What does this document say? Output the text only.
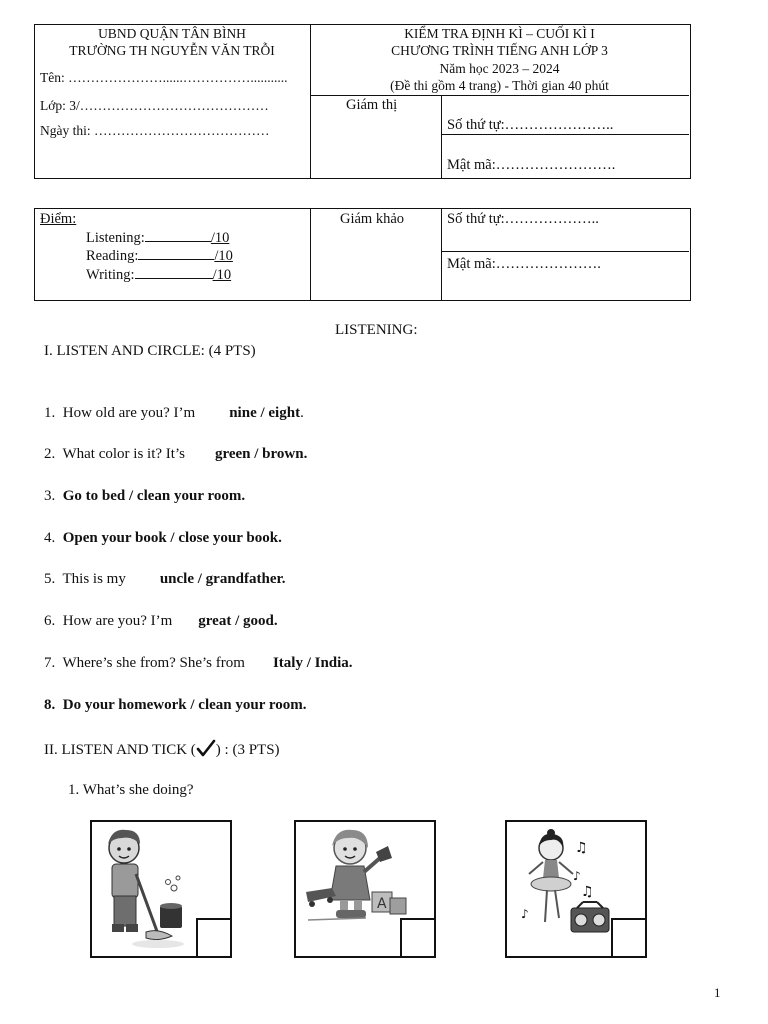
UBND QUẬN TÂN BÌNH
TRƯỜNG TH NGUYỄN VĂN TRỖI
Tên: …………………......……………...........
Lớp: 3/……………………………………
Ngày thi: …………………………………
KIỂM TRA ĐỊNH KÌ – CUỐI KÌ I
CHƯƠNG TRÌNH TIẾNG ANH LỚP 3
Năm học 2023 – 2024
(Đề thi gồm 4 trang) - Thời gian 40 phút
Giám thị
Số thứ tự:…………………..
Mật mã:…………………….
Điểm:
Listening:	/10
Reading:	/10
Writing:	/10
Giám khảo	Số thứ tự:………………..
Mật mã:………………….
LISTENING:
I. LISTEN AND CIRCLE: (4 PTS)
1. How old are you? I’m nine / eight.
2. What color is it? It’s green / brown.
3. Go to bed / clean your room.
4. Open your book / close your book.
5. This is my uncle / grandfather.
6. How are you? I’m great / good.
7. Where’s she from? She’s from Italy / India.
8. Do your homework / clean your room.
II. LISTEN AND TICK ( ) : (3 PTS)
1. What’s she doing?
A
♫
♪
♫
♪
1
